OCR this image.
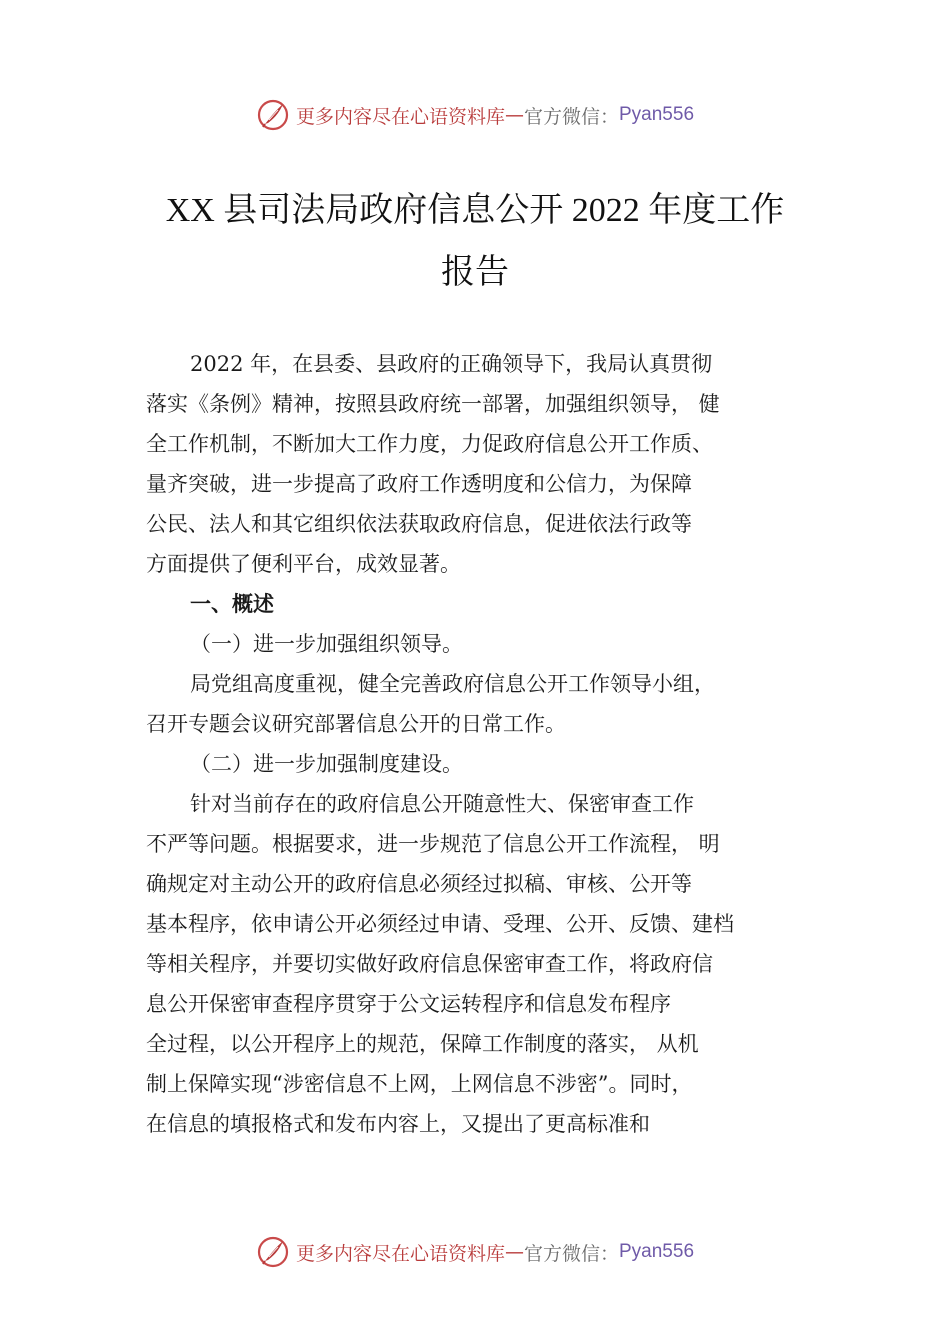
更多内容尽在心语资料库 — 官方微信： Pyan556
XX 县司法局政府信息公开 2022 年度工作
报告

2022 年，在县委、县政府的正确领导下，我局认真贯彻
落实《条例》精神，按照县政府统一部署，加强组织领导， 健
全工作机制，不断加大工作力度，力促政府信息公开工作质、
量齐突破，进一步提高了政府工作透明度和公信力，为保障
公民、法人和其它组织依法获取政府信息，促进依法行政等
方面提供了便利平台，成效显著。

一、概述
（一）进一步加强组织领导。

局党组高度重视，健全完善政府信息公开工作领导小组，
召开专题会议研究部署信息公开的日常工作。

（二）进一步加强制度建设。

针对当前存在的政府信息公开随意性大、保密审查工作
不严等问题。根据要求，进一步规范了信息公开工作流程， 明
确规定对主动公开的政府信息必须经过拟稿、审核、公开等
基本程序，依申请公开必须经过申请、受理、公开、反馈、建档
等相关程序，并要切实做好政府信息保密审查工作，将政府信
息公开保密审查程序贯穿于公文运转程序和信息发布程序
全过程，以公开程序上的规范，保障工作制度的落实， 从机
制上保障实现“涉密信息不上网，上网信息不涉密”。同时，
在信息的填报格式和发布内容上，又提出了更高标准和

更多内容尽在心语资料库 — 官方微信： Pyan556
